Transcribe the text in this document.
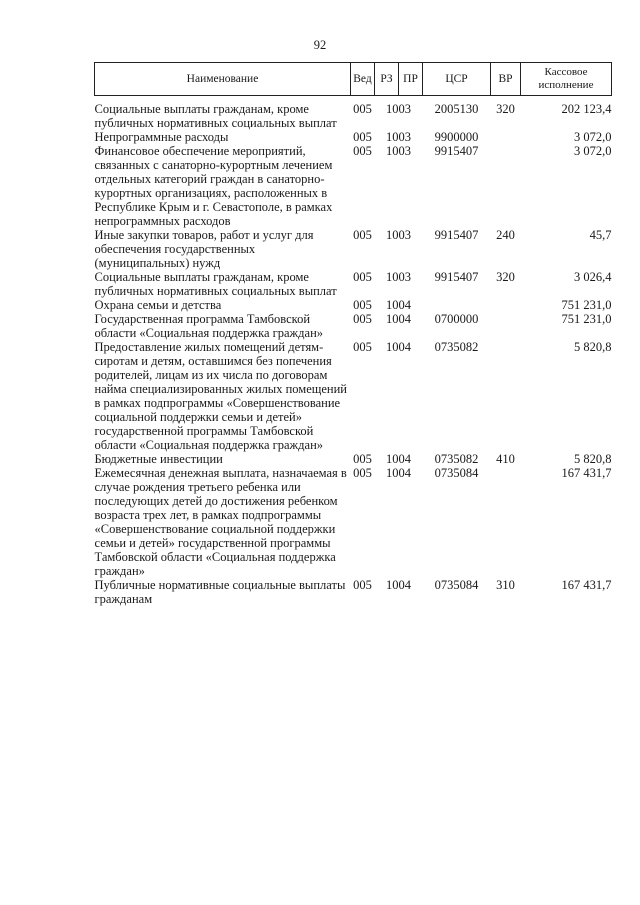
92
Наименование	Вед	РЗ	ПР	ЦСР	ВР	Кассовое
исполнение

Социальные выплаты гражданам, кроме публичных нормативных социальных выплат	005	10	03	2005130	320	202 123,4
Непрограммные расходы	005	10	03	9900000		3 072,0
Финансовое обеспечение мероприятий, связанных с санаторно-курортным лечением отдельных категорий граждан в санаторно-курортных организациях, расположенных в Республике Крым и г. Севастополе, в рамках непрограммных расходов	005	10	03	9915407		3 072,0
Иные закупки товаров, работ и услуг для обеспечения государственных (муниципальных) нужд	005	10	03	9915407	240	45,7
Социальные выплаты гражданам, кроме публичных нормативных социальных выплат	005	10	03	9915407	320	3 026,4
Охрана семьи и детства	005	10	04			751 231,0
Государственная программа Тамбовской области «Социальная поддержка граждан»	005	10	04	0700000		751 231,0
Предоставление жилых помещений детям-сиротам и детям, оставшимся без попечения родителей, лицам из их числа по договорам найма специализированных жилых помещений в рамках подпрограммы «Совершенствование социальной поддержки семьи и детей» государственной программы Тамбовской области «Социальная поддержка граждан»	005	10	04	0735082		5 820,8
Бюджетные инвестиции	005	10	04	0735082	410	5 820,8
Ежемесячная денежная выплата, назначаемая в случае рождения третьего ребенка или последующих детей до достижения ребенком возраста трех лет, в рамках подпрограммы «Совершенствование социальной поддержки семьи и детей» государственной программы Тамбовской области «Социальная поддержка граждан»	005	10	04	0735084		167 431,7
Публичные нормативные социальные выплаты гражданам	005	10	04	0735084	310	167 431,7
